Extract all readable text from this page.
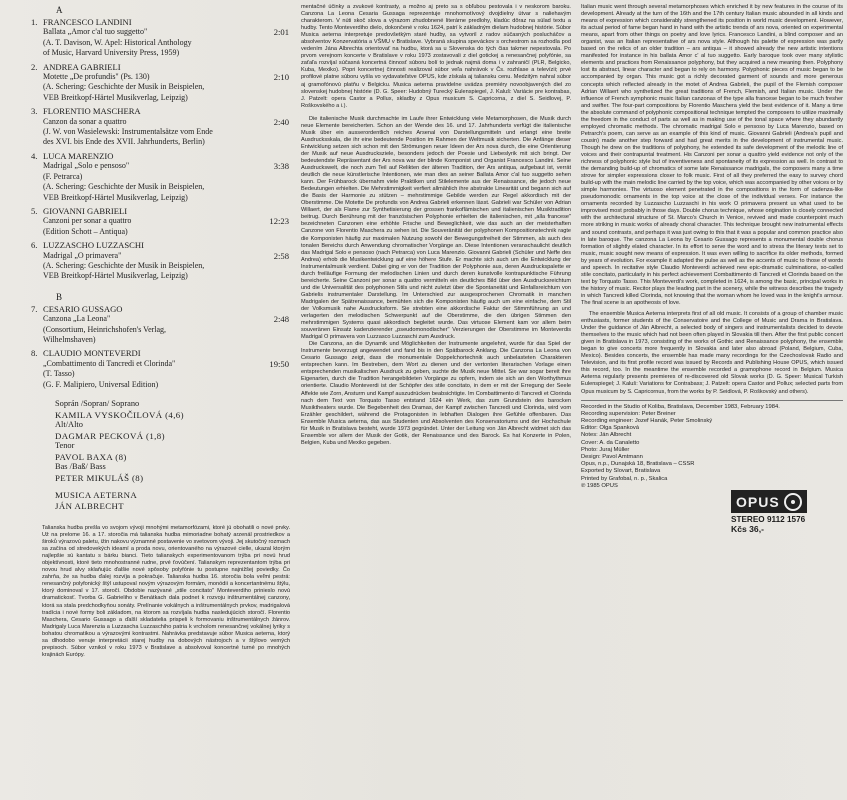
A
1. FRANCESCO LANDINI
Ballata „Amor c'al tuo suggetto"
(A. T. Davison, W. Apel: Historical Anthology
of Music, Harvard University Press, 1959)
2:01
2. ANDREA GABRIELI
Motette „De profundis" (Ps. 130)
(A. Schering: Geschichte der Musik in Beispielen,
VEB Breitkopf-Härtel Musikverlag, Leipzig)
2:10
3. FLORENTIO MASCHERA
Canzon da sonar a quattro
(J. W. von Wasielewski: Instrumentalsätze vom Ende
des XVI. bis Ende des XVII. Jahrhunderts, Berlin)
2:40
4. LUCA MARENZIO
Madrigal „Solo e pensoso"
(F. Petrarca)
(A. Schering: Geschichte der Musik in Beispielen,
VEB Breitkopf-Härtel Musikverlag, Leipzig)
3:38
5. GIOVANNI GABRIELI
Canzoni per sonar a quattro
(Edition Schott – Antiqua)
12:23
6. LUZZASCHO LUZZASCHI
Madrigal „O primavera"
(A. Schering: Geschichte der Musik in Beispielen,
VEB Breitkopf-Härtel Musikverlag, Leipzig)
2:58
B
7. CESARIO GUSSAGO
Canzona „La Leona"
(Consortium, Heinrichshofen's Verlag,
Wilhelmshaven)
2:48
8. CLAUDIO MONTEVERDI
„Combattimento di Tancredi et Clorinda"
(T. Tasso)
(G. F. Malipiero, Universal Edition)
19:50
Soprán /Sopran/ Soprano
KAMILA VYSKOČILOVÁ (4,6)
Alt/Alto
DAGMAR PECKOVÁ (1,8)
Tenor
PAVOL BAXA (8)
Bas /Baß/ Bass
PETER MIKULÁŠ (8)
MUSICA AETERNA
JÁN ALBRECHT

Talianska hudba prešla vo svojom vývoji mnohými metamorfózami, ktoré jú obohatili o nové prvky. Už na prelome 16. a 17. storočia má talianska hudba mimoriadne bohatý arzenál prostriedkov a široků výrazovú paletu, ižin nakovu významné postavenie vo svetovom vývoji. Jej skutočný rozmach sa začína od stredovekých ideamí a proda novu, orientovaného na výrazové cielle, ukazal ktorým najlepšie sú kantatu s bárku bianci. Tieto talianskych experimentovanom trýba pri novú hrud objektívnosti, ktoré tieto mnohostranné rudne, prvé ťovúčení. Talianskym reprezentantom trýba pri novou hrud alvy sklaňujúc ďalšie nové spôsoby polyfónie tu postupne najnižšej poviedky. Čo zahrňa, že sa hudba ďalej rozvíja a pokračuje. Talianska hudba 16. storočia bola veľmi pestrá: renesančný polyfonický štýl ustupoval novým výrazovým formám, monódii a koncertantnému štýlu, ktorý dominoval v 17. storočí. Obdobie nazývané „stile concitato" Monteverdiho prinieslo novú dramatickosť. Tvorba G. Gabrieliho v Benátkach dala podnet k rozvoju inštrumentálnej canzony, ktorá sa stala predchodkyňou sonáty. Prelínanie vokálnych a inštrumentálnych prvkov, madrigalová tradícia i nové formy boli základom, na ktorom sa rozvíjala hudba nasledujúcich storočí. Florentio Maschera, Cesario Gussago a ďalší skladatelia prispeli k formovaniu inštrumentálnych žánrov. Madrigaly Luca Marenzia a Luzzascha Luzzaschiho patria k vrcholom renesančnej vokálnej lyriky s bohatou chromatikou a výrazovými kontrastmi. Nahrávka predstavuje súbor Musica aeterna, ktorý sa dlhodobo venuje interpretácii starej hudby na dobových nástrojoch a v štýlovo verných prepisoch. Súbor vznikol v roku 1973 v Bratislave a absolvoval koncertné turné po mnohých krajinách Európy.

mentačné účinky a zvukové kontrasty, a možno aj preto sa s obľubou pestovala i v neskorom baroku. Canzona La Leona Cesaria Gussaga reprezentuje mnohomotívový dvojdielny útvar s naliehavým charakterom. V núti skoč slova a výrazom zhudobnené literárne predlohy, kladúc dôraz na súlad textu a hudby. Tento Monteverdiho dielo, dokončené v roku 1624, patrí k základným dielam hudobnej histórie. Súbor Musica aeterna interpretuje predovšetkým staré hudby, sa vytvoril z radov súčasných poslucháčov a absolventov Konzervatória a VŠMU v Bratislave. Vybraná skupina speváckov s orchestrom sa rozhodla pod vedením Jána Albrechta orientovať na hudbu, ktorá sa u Slovenska do tých čias takmer nepestovala. Po prvom verejnom koncerte v Bratislave v roku 1973 zostavovali z diel gotickej a renesančnej polyfónie, sa zaťaľa rozvíjal súčasná koncertná činnosť súboru bolí to jednak najmä doma i v zahraničí (PLR, Belgicko, Kuba, Mexiko). Popri koncertnej činnosti realizoval súbor veľa nahrávok v Čs. rozhlase a televízii; prvé profilové platne súboru vyšla vo vydavateľstve OPUS, kde získala aj taliansku cenu. Medzitým nahral súbor aj gramofónovú platňu v Belgicku. Musica aeterna pravidelne uvádza premiéry novoobjavených diel zo slovenskej hudobnej histórie (D. G. Speer: Hudobný Turecký Eulenspiegel, J. Kaluš: Variácie pre kontrabas, J. Patzelt: opera Castor a Pollux, skladby z Opus musicum S. Capricorna, z diel S. Seidlovej, P. Roškovského a i.).

Die italienische Musik durchmachte im Laufe ihrer Entwicklung viele Metamorphosen, die Musik durch neue Elemente bereicherten. Schon an der Wende des 16. und 17. Jahrhunderts verfügt die italienische Musik über ein ausserordentlich reiches Arsenal von Darstellungsmitteln und erlangt eine breite Ausdrucksskala, die ihr eine bedeutende Position im Rahmen der Weltmusik sicherten. Die Anfänge dieser Entwicklung setzen sich schon mit den Strömungen neuer Ideen der Ars nova durch, die eine Orientierung der Musik auf neue Ausdrucksziele, besonders jedoch der Poesie und Liebeslyrik mit sich bringt. Der bedeutendste Repräsentant der Ars nova war der blinde Komponist und Organist Francesco Landini. Seine Ausdruckswelt, die noch zum Teil auf Relikten der älteren Tradition, der Ars antiqua, aufgebaut ist, verrät deutlich die neue künstlerische Intentionen, wie man dies an seiner Ballata Amor c'al tuo suggetto sehen kann. Der Frühbarock übernahm viele Praktiken und Stilelemente aus der Renaissance, die jedoch neue Bedeutungen erhielten. Die Mehrstimmigkeit verfiert allmählich ihre abstrakte Linearität und begann sich auf die Basis der Harmonie zu stützen – mehrstimmige Gebilde werden zur Regel akkordisch mit der Oberstimme. Die Motette De profundis von Andrea Gabrieli erkennen lässt. Gabrieli war Schüler von Adrian Willaert, der als Flame zur Synthetisierung der grossen frankoflämischen und italienischen Musiktradition beitrug. Durch Berührung mit der französischen Polyphonie erhielten die italienischen, mit „alla francese" bezeichneten Canzonen eine erhöhte Frische und Beweglichkeit, wie das auch an der meisterhaften Canzone von Florentio Maschera zu sehen ist. Die Souveränität der polyphonen Kompositionstechnik ragte die Komponisten häufig zur maximalen Nutzung sowohl der Bewegungsfreiheit der Stimmen, als auch des tonalen Bereichs durch Anwendung chromatischer Vorgänge an. Diese Intentionen veranschaulicht deutlich das Madrigal Solo e pensoso (nach Petrarca) von Luca Marenzio. Giovanni Gabrieli (Schüler und Neffe des Andrea) erhob die Musikentwicklung auf eine höhere Stufe. Er machte sich auch um die Entwicklung der Instrumentalmusik verdient. Dabei ging er von der Tradition der Polyphonie aus, deren Ausdruckspalette er durch freiläufige Formung der melodischen Linien und durch deren kunstvolle kontrapunktische Führung bereicherte. Seine Canzoni per sonar a quattro vermitteln ein deutliches Bild über den Ausdrucksreichtum und die Universalität des polyphonen Stils und nicht zuletzt über die Spontaneität und Einfallsreichtum von Gabrielis instrumentaler Darstellung. Im Unterschied zur ausgesprochenen Chromatik in manchen Madrigalen der Spätrenaissance, bemühten sich die Komponisten häufig auch um eine einfache, dem Stil der Volksmusik nahe Ausdrucksform. Sie strebten eine akkordische Faktur der Stimmführung an und verlagerten den melodischen Schwerpunkt auf die Oberstimme, die den übrigen Stimmen den mehrstimmigen Systems quasi akkordisch begleitet wurde. Das virtuose Element kam vor allem beim souveränen Einsatz kadenzierender „pseudomonodischer" Verzierungen der Oberstimme im Monteverdis Madrigal O primavera von Luzzasco Luzzaschi zum Ausdruck.

Die Canzona, an die Dynamik und Möglichkeiten der Instrumente angelehnt, wurde für das Spiel der Instrumente bevorzugt angewendet und fand bis in den Spätbarock Anklang. Die Canzona La Leona von Cesario Gussago zeigt, dass die monumentale Doppelchortechnik auch unbelasteten Charakteren entsprechen kann. Im Bestreben, dem Wort zu dienen und der vertonten literarischen Vorlage einen entsprechenden musikalischen Ausdruck zu geben, suchte die Musik neue Mittel. Sie war sogar bereit ihre Eigenarten, durch die Tradition herangebildeten Vorgänge zu opfern, indem sie sich an den Worthythmus orientierte. Claudio Monteverdi ist der Schöpfer des stile concitato, in dem er mit der Erregung der Seele Affekte wie Zorn, Ansturm und Kampf auszudrücken beabsichtigte. Im Combattimento di Tancredi et Clorinda nach dem Text von Torquato Tasso entstand 1624 ein Werk, das zum Grundstein des barocken Musiktheaters wurde. Die Begebenheit des Dramas, der Kampf zwischen Tancredi und Clorinda, wird vom Erzähler geschildert, während die Protagonisten in lebhaften Dialogen ihre Gefühle offenbaren. Das Ensemble Musica aeterna, das aus Studenten und Absolventen des Konservatoriums und der Hochschule für Musik in Bratislava besteht, wurde 1973 gegründet. Unter der Leitung von Ján Albrecht widmet sich das Ensemble vor allem der Musik der Gotik, der Renaissance und des Barock. Es hat Konzerte in Polen, Belgien, Kuba und Mexiko gegeben.

Italian music went through several metamorphoses which enriched it by new features in the course of its development. Already at the turn of the 16th and the 17th century Italian music abounded in all kinds and means of expression which considerably strengthened its position in world music development. However, its actual period of fame began hand in hand with the artistic trends of ars nova, oriented on experimental means, apart from other things on poetry and love lyrics. Francesco Landini, a blind composer and an organist, was an Italian representative of ars nova style. Although his palette of expression was partly based on the relics of an older tradition – ars antiqua – it showed already the new artistic intentions manifested for instance in his ballata Amor c' al tuo suggetto. Early baroque took over many stylistic elements and practices from Renaissance polyphony, but they acquired a new meaning then. Polyphony lost its abstract, linear character and began to rely on harmony. Polyphonic pieces of music began to be accompanied by organ. This music got a richly decorated garment of sounds and more generous concepts which reflected already in the motet of Andrea Gabrieli, the pupil of the Flemish composer Adrian Willaert who synthetized the great traditions of French, Flemish, and Italian music. Under the influence of French symphonic music Italian canzonas of the type alla francese began to be much fresher and swifter. The four-part compositions by Florentio Maschera yield the best evidence of it. Many a time the absolute command of polyphonic compositional technique tempted the composers to utilize maximally the freedom in the conduct of parts as well as in making use of the tonal space where they abundantly employed chromatic methods. The chromatic madrigal Solo e pensoso by Luca Marenzio, based on Petrarch's poem, can serve as an example of this kind of music. Giovanni Gabrieli (Andrea's pupil and cousin) made another step forward and had great merits in the development of instrumental music. Though he drew on the traditions of polyphony, he extended its safe development of the melodic line of voices and their contrapuntal treatment. His Canzoni per sonar a quattro yield evidence not only of the richness of polyphonic style but of inventiveness and spontaneity of its expression as well. In contrast to the demanding build-up of chromatics of some late Renaissance madrigals, the composers many a time strove for simpler expressions closer to folk music. First of all they preferred the easy to survey chord build-up with the main melodic line carried by the top voice, which was accompanied by other voices or by simple harmonies. The virtuoso element penetrated in the compositions in the form of cadenza-like pseudomonodic ornaments in the top voice at the close of the individual verses. For instance the ornaments recorded by Luzzascho Luzzaschi in his work O primavera present us what used to be improvised most probably in those days. Double chorus technique, whose origination is closely connected with the architectural structure of St. Marco's Church in Venice, revived and made counterpoint much more striking in music works of already choral character. This technique brought new instrumental effects and sound contrasts, and perhaps it was just owing to this that it was a popular and common practice also in late baroque. The canzona La Leona by Cesario Gussago represents a monumental double chorus formation of slightly elated character. In its effort to serve the word and to stress the literary texts set to music, music sought new means of expression. It was even willing to sacrifice its older methods, formed by years of evolution. For example it adapted the pulse as well as the accents of music to those of words and speech. In recitative style Claudio Monteverdi achieved new epic-dramatic culminations, so-called stile concitato, particularly in his perfect achievement Combattimento di Tancredi et Clorinda based on the text by Torquato Tasso. This Monteverdi's work, completed in 1624, is among the basic, principal works in the history of music. Recitor plays the leading part in the scenery, while the witness describes the tragedy in which Tancredi killed Clorinda, not knowing that the woman whom he loved was in the knight's armour. The final scene is an apotheosis of love.

The ensemble Musica Aeterna interprets first of all old music. It consists of a group of chamber music enthusiasts, former students of the Conservatoire and the College of Music and Drama in Bratislava. Under the guidance of Ján Albrecht, a selected body of singers and instrumentalists decided to devote themselves to the music which had not been often played in Slovakia till then. After the first public concert given in Bratislava in 1973, consisting of the works of Gothic and Renaissance polyphony, the ensemble began to give concerts more frequently in Slovakia and later also abroad (Poland, Belgium, Cuba, Mexico). Besides concerts, the ensemble has made many recordings for the Czechoslovak Radio and Television, and its first profile record was issued by Records and Publishing House OPUS, which issued this record, too. In the meantime the ensemble recorded a gramophone record in Belgium. Musica Aeterna regularly presents premieres of re-discovered old Slovak works (D. G. Speer: Musical Turkish Eulenspiegel; J. Kaluš: Variations for Contrabass; J. Patzelt: opera Castor and Pollux; selected parts from Opus musicum by S. Capricornus, from the works by P. Seidlová, P. Roškovský and others).

Recorded in the Studio of Koliba, Bratislava, December 1983, February 1984.
Recording supervision: Peter Breiner
Recording engineer: Jozef Hanák, Peter Smolinský
Editor: Olga Spanková
Notes: Ján Albrecht
Cover: A. da Canaletto
Photo: Juraj Müller
Design: Pavol Amtmann
Opus, n.p., Dunajská 18, Bratislava – ČSSR
Exported by Slovart, Bratislava
Printed by Grafobal, n. p., Skalica
℗ 1985 OPUS
OPUS
STEREO 9112 1576
Kčs 36,-
